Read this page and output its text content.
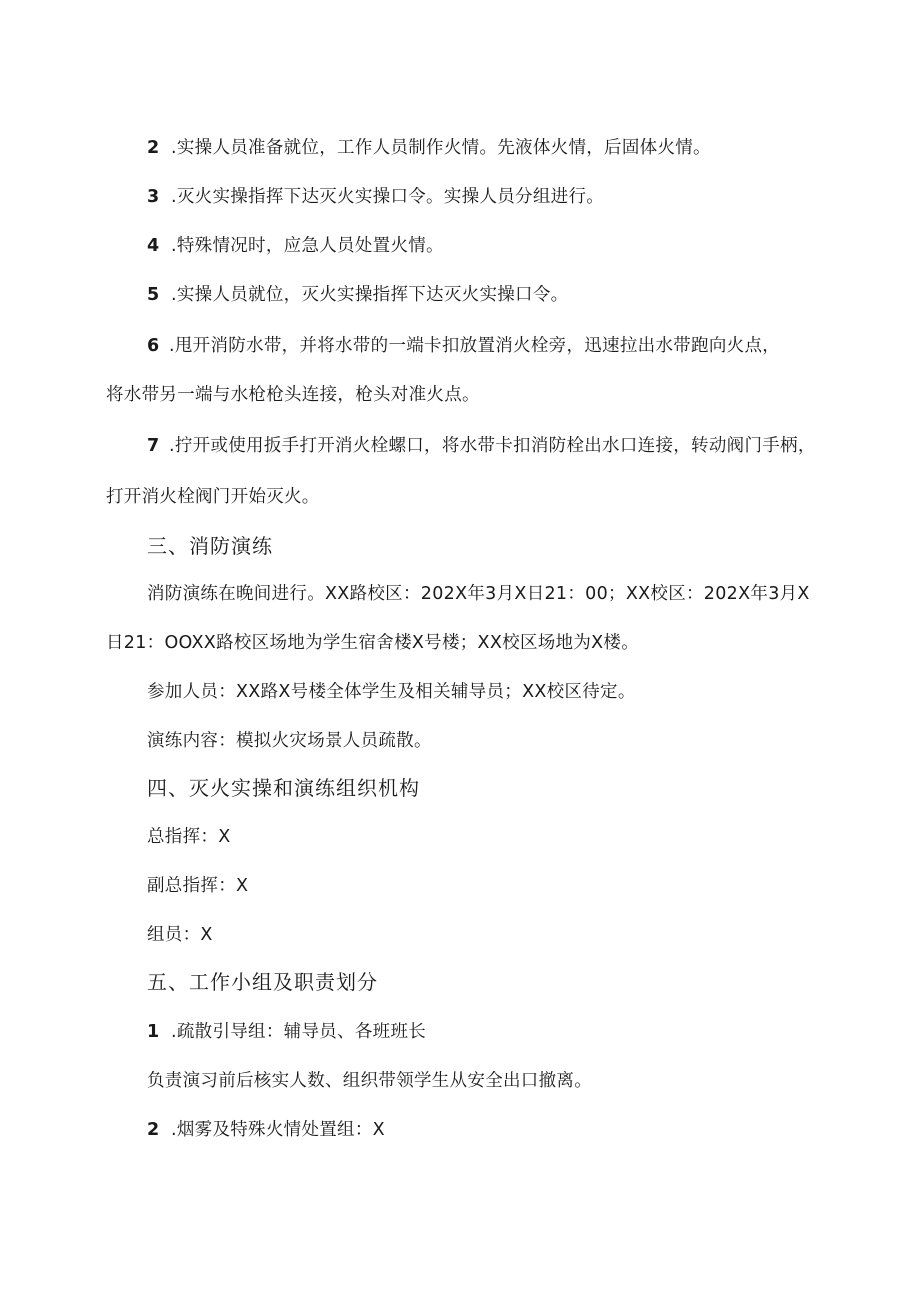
2 .实操人员准备就位，工作人员制作火情。先液体火情，后固体火情。
3 .灭火实操指挥下达灭火实操口令。实操人员分组进行。
4 .特殊情况时，应急人员处置火情。
5 .实操人员就位，灭火实操指挥下达灭火实操口令。
6 .甩开消防水带，并将水带的一端卡扣放置消火栓旁，迅速拉出水带跑向火点，
将水带另一端与水枪枪头连接，枪头对准火点。
7 .拧开或使用扳手打开消火栓螺口，将水带卡扣消防栓出水口连接，转动阀门手柄，
打开消火栓阀门开始灭火。
三、消防演练
消防演练在晚间进行。XX路校区：202X年3月X日21：00；XX校区：202X年3月X
日21：OOXX路校区场地为学生宿舍楼X号楼；XX校区场地为X楼。
参加人员：XX路X号楼全体学生及相关辅导员；XX校区待定。
演练内容：模拟火灾场景人员疏散。
四、灭火实操和演练组织机构
总指挥：X
副总指挥：X
组员：X
五、工作小组及职责划分
1 .疏散引导组：辅导员、各班班长
负责演习前后核实人数、组织带领学生从安全出口撤离。
2 .烟雾及特殊火情处置组：X
